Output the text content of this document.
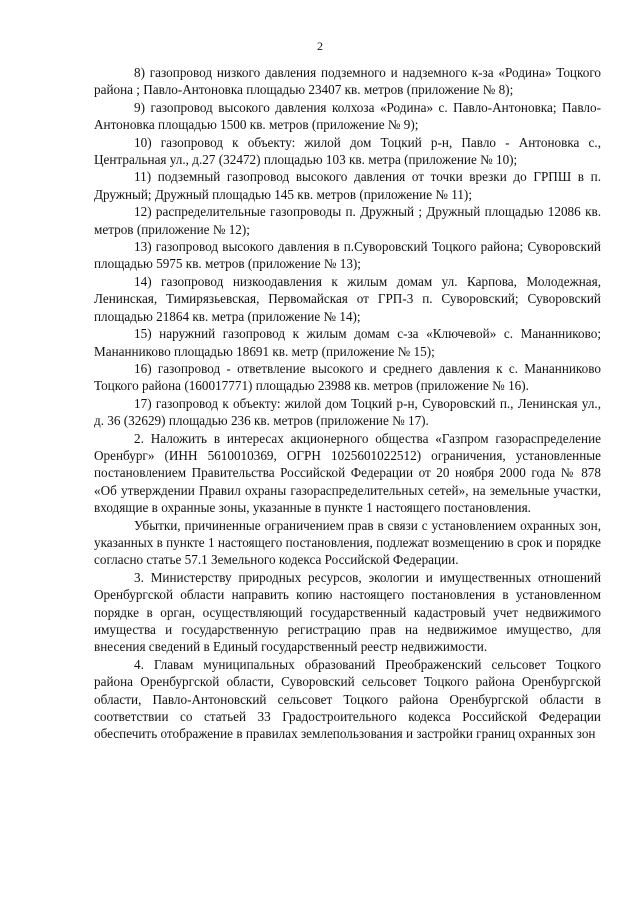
2

8) газопровод низкого давления подземного и надземного к-за «Родина» Тоцкого района ; Павло-Антоновка площадью 23407 кв. метров (приложение № 8);

9) газопровод высокого давления колхоза «Родина» с. Павло-Антоновка; Павло-Антоновка площадью 1500 кв. метров (приложение № 9);

10) газопровод к объекту: жилой дом Тоцкий р-н, Павло - Антоновка с., Центральная ул., д.27 (32472) площадью 103 кв. метра (приложение № 10);

11) подземный газопровод высокого давления от точки врезки до ГРПШ в п. Дружный; Дружный площадью 145 кв. метров (приложение № 11);

12) распределительные газопроводы п. Дружный ; Дружный площадью 12086 кв. метров (приложение № 12);

13) газопровод высокого давления в п.Суворовский Тоцкого района; Суворовский площадью 5975 кв. метров (приложение № 13);

14) газопровод низкоодавления к жилым домам ул. Карпова, Молодежная, Ленинская, Тимирязьевская, Первомайская от ГРП-3 п. Суворовский; Суворовский площадью 21864 кв. метра (приложение № 14);

15) наружний газопровод к жилым домам с-за «Ключевой» с. Мананниково; Мананниково площадью 18691 кв. метр (приложение № 15);

16) газопровод - ответвление высокого и среднего давления к с. Мананниково Тоцкого района (160017771) площадью 23988 кв. метров (приложение № 16).

17) газопровод к объекту: жилой дом Тоцкий р-н, Суворовский п., Ленинская ул., д. 36 (32629) площадью 236 кв. метров (приложение № 17).

2. Наложить в интересах акционерного общества «Газпром газораспределение Оренбург» (ИНН 5610010369, ОГРН 1025601022512) ограничения, установленные постановлением Правительства Российской Федерации от 20 ноября 2000 года № 878 «Об утверждении Правил охраны газораспределительных сетей», на земельные участки, входящие в охранные зоны, указанные в пункте 1 настоящего постановления.

Убытки, причиненные ограничением прав в связи с установлением охранных зон, указанных в пункте 1 настоящего постановления, подлежат возмещению в срок и порядке согласно статье 57.1 Земельного кодекса Российской Федерации.

3. Министерству природных ресурсов, экологии и имущественных отношений Оренбургской области направить копию настоящего постановления в установленном порядке в орган, осуществляющий государственный кадастровый учет недвижимого имущества и государственную регистрацию прав на недвижимое имущество, для внесения сведений в Единый государственный реестр недвижимости.

4. Главам муниципальных образований Преображенский сельсовет Тоцкого района Оренбургской области, Суворовский сельсовет Тоцкого района Оренбургской области, Павло-Антоновский сельсовет Тоцкого района Оренбургской области в соответствии со статьей 33 Градостроительного кодекса Российской Федерации обеспечить отображение в правилах землепользования и застройки границ охранных зон
